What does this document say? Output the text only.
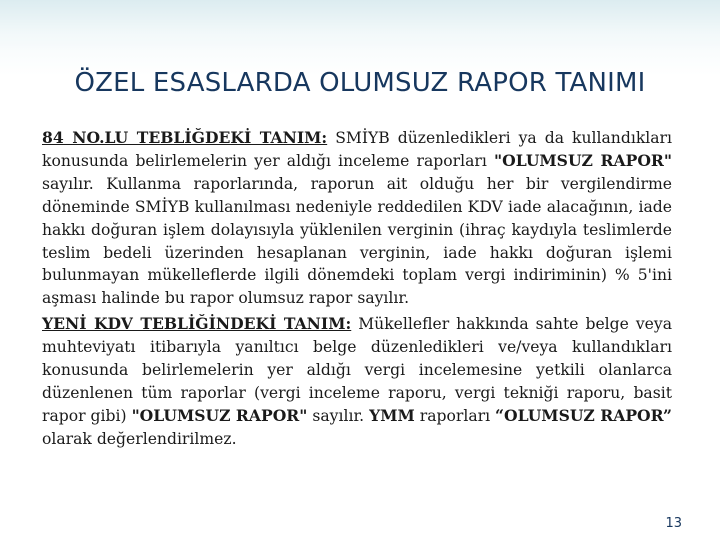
ÖZEL ESASLARDA OLUMSUZ RAPOR TANIMI

84 NO.LU TEBLİĞDEKİ TANIM: SMİYB düzenledikleri ya da kullandıkları konusunda belirlemelerin yer aldığı inceleme raporları "OLUMSUZ RAPOR" sayılır. Kullanma raporlarında, raporun ait olduğu her bir vergilendirme döneminde SMİYB kullanılması nedeniyle reddedilen KDV iade alacağının, iade hakkı doğuran işlem dolayısıyla yüklenilen verginin (ihraç kaydıyla teslimlerde teslim bedeli üzerinden hesaplanan verginin, iade hakkı doğuran işlemi bulunmayan mükelleflerde ilgili dönemdeki toplam vergi indiriminin) % 5'ini aşması halinde bu rapor olumsuz rapor sayılır.

YENİ KDV TEBLİĞİNDEKİ TANIM: Mükellefler hakkında sahte belge veya muhteviyatı itibarıyla yanıltıcı belge düzenledikleri ve/veya kullandıkları konusunda belirlemelerin yer aldığı vergi incelemesine yetkili olanlarca düzenlenen tüm raporlar (vergi inceleme raporu, vergi tekniği raporu, basit rapor gibi) "OLUMSUZ RAPOR" sayılır. YMM raporları “OLUMSUZ RAPOR” olarak değerlendirilmez.

13
